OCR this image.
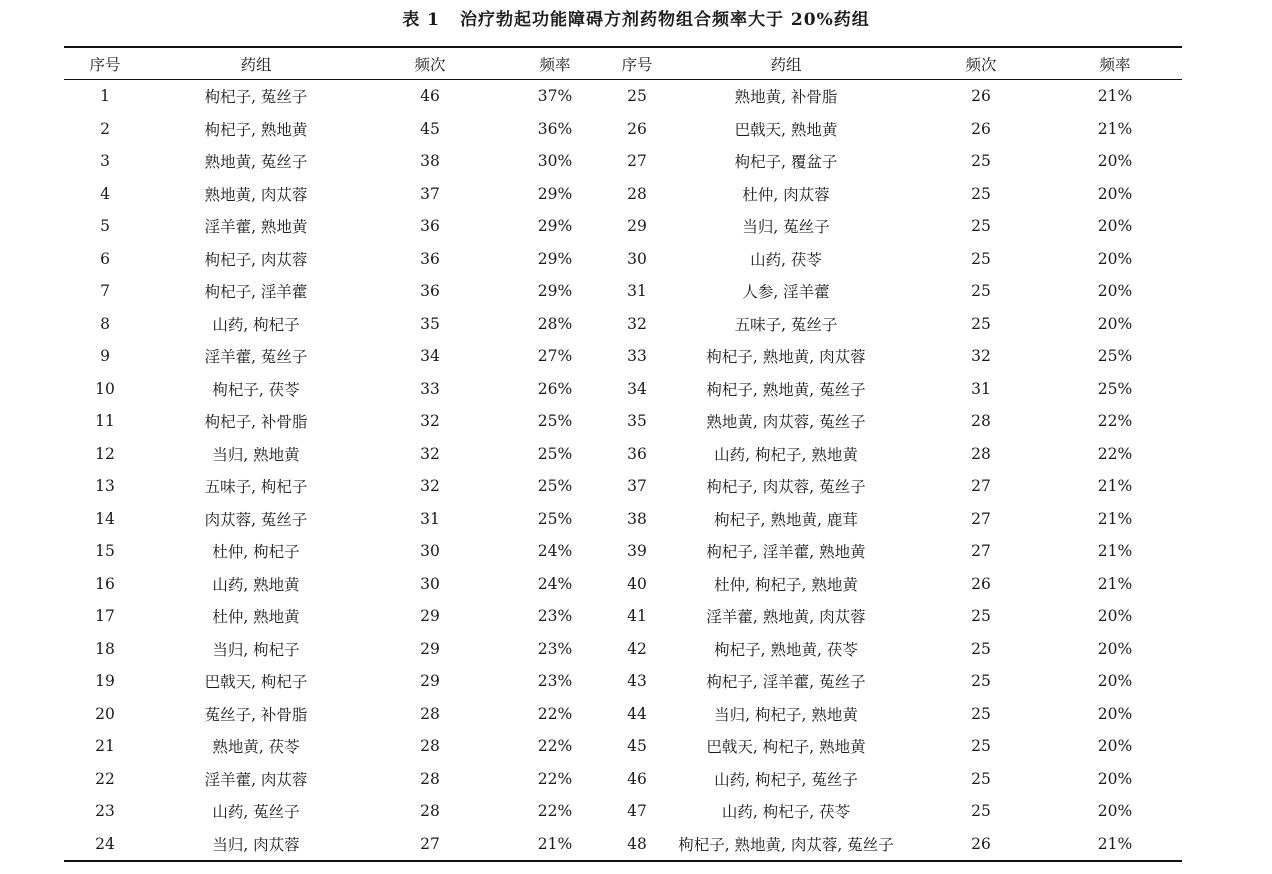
表 1 治疗勃起功能障碍方剂药物组合频率大于 20%药组
序号	药组	频次	频率	序号	药组	频次	频率
1	枸杞子, 菟丝子	46	37%	25	熟地黄, 补骨脂	26	21%
2	枸杞子, 熟地黄	45	36%	26	巴戟天, 熟地黄	26	21%
3	熟地黄, 菟丝子	38	30%	27	枸杞子, 覆盆子	25	20%
4	熟地黄, 肉苁蓉	37	29%	28	杜仲, 肉苁蓉	25	20%
5	淫羊藿, 熟地黄	36	29%	29	当归, 菟丝子	25	20%
6	枸杞子, 肉苁蓉	36	29%	30	山药, 茯苓	25	20%
7	枸杞子, 淫羊藿	36	29%	31	人参, 淫羊藿	25	20%
8	山药, 枸杞子	35	28%	32	五味子, 菟丝子	25	20%
9	淫羊藿, 菟丝子	34	27%	33	枸杞子, 熟地黄, 肉苁蓉	32	25%
10	枸杞子, 茯苓	33	26%	34	枸杞子, 熟地黄, 菟丝子	31	25%
11	枸杞子, 补骨脂	32	25%	35	熟地黄, 肉苁蓉, 菟丝子	28	22%
12	当归, 熟地黄	32	25%	36	山药, 枸杞子, 熟地黄	28	22%
13	五味子, 枸杞子	32	25%	37	枸杞子, 肉苁蓉, 菟丝子	27	21%
14	肉苁蓉, 菟丝子	31	25%	38	枸杞子, 熟地黄, 鹿茸	27	21%
15	杜仲, 枸杞子	30	24%	39	枸杞子, 淫羊藿, 熟地黄	27	21%
16	山药, 熟地黄	30	24%	40	杜仲, 枸杞子, 熟地黄	26	21%
17	杜仲, 熟地黄	29	23%	41	淫羊藿, 熟地黄, 肉苁蓉	25	20%
18	当归, 枸杞子	29	23%	42	枸杞子, 熟地黄, 茯苓	25	20%
19	巴戟天, 枸杞子	29	23%	43	枸杞子, 淫羊藿, 菟丝子	25	20%
20	菟丝子, 补骨脂	28	22%	44	当归, 枸杞子, 熟地黄	25	20%
21	熟地黄, 茯苓	28	22%	45	巴戟天, 枸杞子, 熟地黄	25	20%
22	淫羊藿, 肉苁蓉	28	22%	46	山药, 枸杞子, 菟丝子	25	20%
23	山药, 菟丝子	28	22%	47	山药, 枸杞子, 茯苓	25	20%
24	当归, 肉苁蓉	27	21%	48	枸杞子, 熟地黄, 肉苁蓉, 菟丝子	26	21%
